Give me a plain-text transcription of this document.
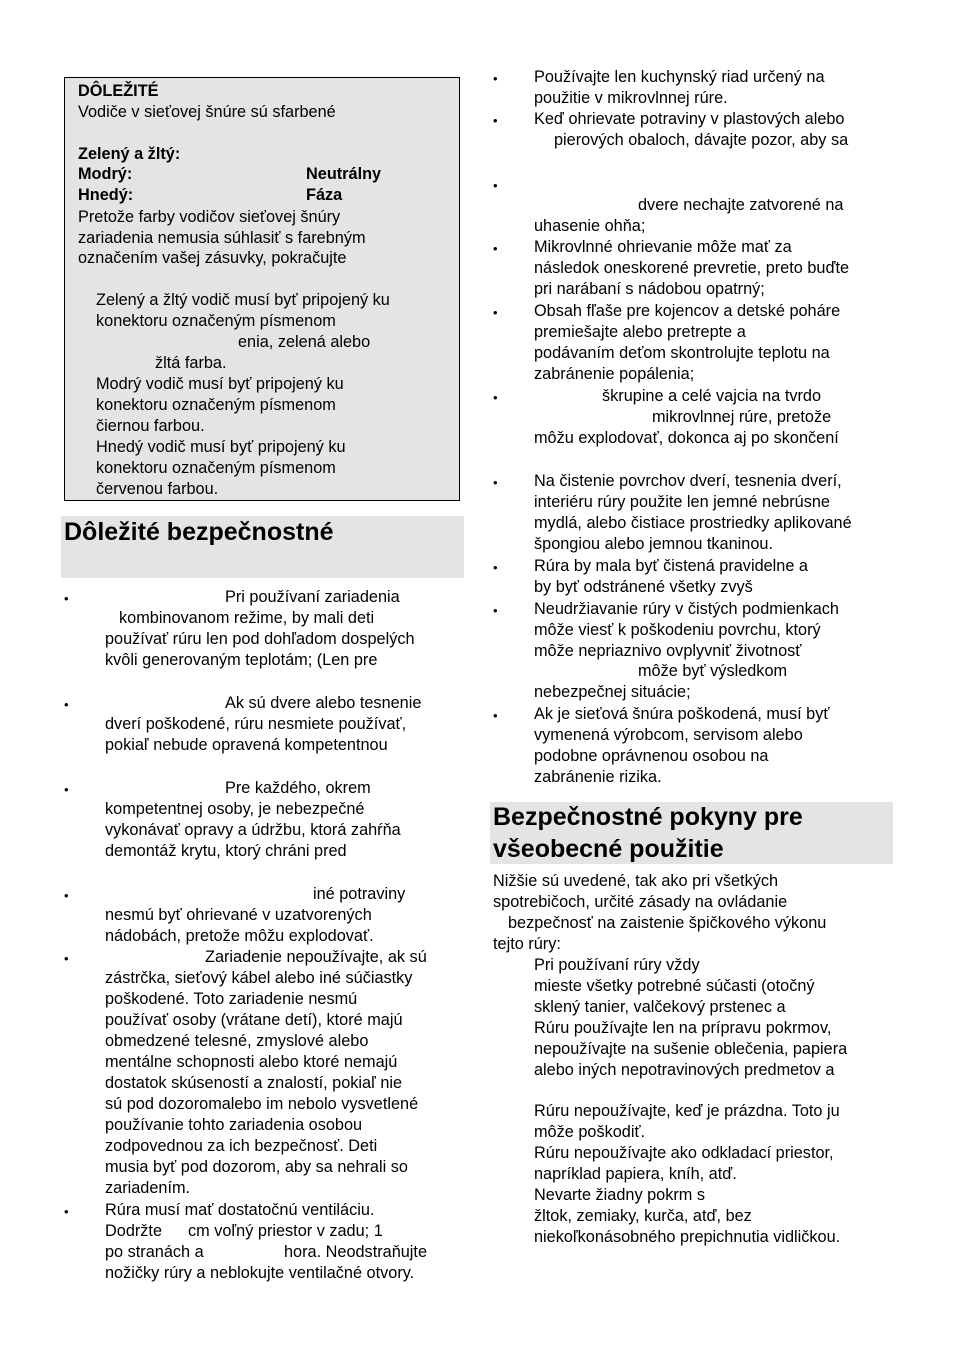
DÔLEŽITÉ
Vodiče v sieťovej šnúre sú sfarbené
Zelený a žltý:
Modrý:	Neutrálny
Hnedý:	Fáza
Pretože farby vodičov sieťovej šnúry
zariadenia nemusia súhlasiť s farebným
označením vašej zásuvky, pokračujte
Zelený a žltý vodič musí byť pripojený ku
konektoru označeným písmenom
enia, zelená alebo
žltá farba.
Modrý vodič musí byť pripojený ku
konektoru označeným písmenom
čiernou farbou.
Hnedý vodič musí byť pripojený ku
konektoru označeným písmenom
červenou farbou.
Dôležité bezpečnostné
•	Pri používaní zariadenia
kombinovanom režime, by mali deti
používať rúru len pod dohľadom dospelých
kvôli generovaným teplotám; (Len pre
•	Ak sú dvere alebo tesnenie
dverí poškodené, rúru nesmiete používať,
pokiaľ nebude opravená kompetentnou
•	Pre každého, okrem
kompetentnej osoby, je nebezpečné
vykonávať opravy a údržbu, ktorá zahŕňa
demontáž krytu, ktorý chráni pred
•	iné potraviny
nesmú byť ohrievané v uzatvorených
nádobách, pretože môžu explodovať.
•	Zariadenie nepoužívajte, ak sú
zástrčka, sieťový kábel alebo iné súčiastky
poškodené. Toto zariadenie nesmú
používať osoby (vrátane detí), ktoré majú
obmedzené telesné, zmyslové alebo
mentálne schopnosti alebo ktoré nemajú
dostatok skúseností a znalostí, pokiaľ nie
sú pod dozoromalebo im nebolo vysvetlené
používanie tohto zariadenia osobou
zodpovednou za ich bezpečnosť. Deti
musia byť pod dozorom, aby sa nehrali so
zariadením.
• Rúra musí mať dostatočnú ventiláciu.
Dodržte cm voľný priestor v zadu; 1
po stranách a	hora. Neodstraňujte
nožičky rúry a neblokujte ventilačné otvory.
• Používajte len kuchynský riad určený na
použitie v mikrovlnnej rúre.
• Keď ohrievate potraviny v plastových alebo
pierových obaloch, dávajte pozor, aby sa
•
dvere nechajte zatvorené na
uhasenie ohňa;
• Mikrovlnné ohrievanie môže mať za
následok oneskorené prevretie, preto buďte
pri narábaní s nádobou opatrný;
• Obsah fľaše pre kojencov a detské poháre
premiešajte alebo pretrepte a
podávaním deťom skontrolujte teplotu na
zabránenie popálenia;
•	škrupine a celé vajcia na tvrdo
mikrovlnnej rúre, pretože
môžu explodovať, dokonca aj po skončení
• Na čistenie povrchov dverí, tesnenia dverí,
interiéru rúry použite len jemné nebrúsne
mydlá, alebo čistiace prostriedky aplikované
špongiou alebo jemnou tkaninou.
• Rúra by mala byť čistená pravidelne a
by byť odstránené všetky zvyš
• Neudržiavanie rúry v čistých podmienkach
môže viesť k poškodeniu povrchu, ktorý
môže nepriaznivo ovplyvniť životnosť
môže byť výsledkom
nebezpečnej situácie;
• Ak je sieťová šnúra poškodená, musí byť
vymenená výrobcom, servisom alebo
podobne oprávnenou osobou na
zabránenie rizika.
Bezpečnostné pokyny pre
všeobecné použitie
Nižšie sú uvedené, tak ako pri všetkých
spotrebičoch, určité zásady na ovládanie
bezpečnosť na zaistenie špičkového výkonu
tejto rúry:
Pri používaní rúry vždy
mieste všetky potrebné súčasti (otočný
sklený tanier, valčekový prstenec a
Rúru používajte len na prípravu pokrmov,
nepoužívajte na sušenie oblečenia, papiera
alebo iných nepotravinových predmetov a
Rúru nepoužívajte, keď je prázdna. Toto ju
môže poškodiť.
Rúru nepoužívajte ako odkladací priestor,
napríklad papiera, kníh, atď.
Nevarte žiadny pokrm s
žltok, zemiaky, kurča, atď, bez
niekoľkonásobného prepichnutia vidličkou.
